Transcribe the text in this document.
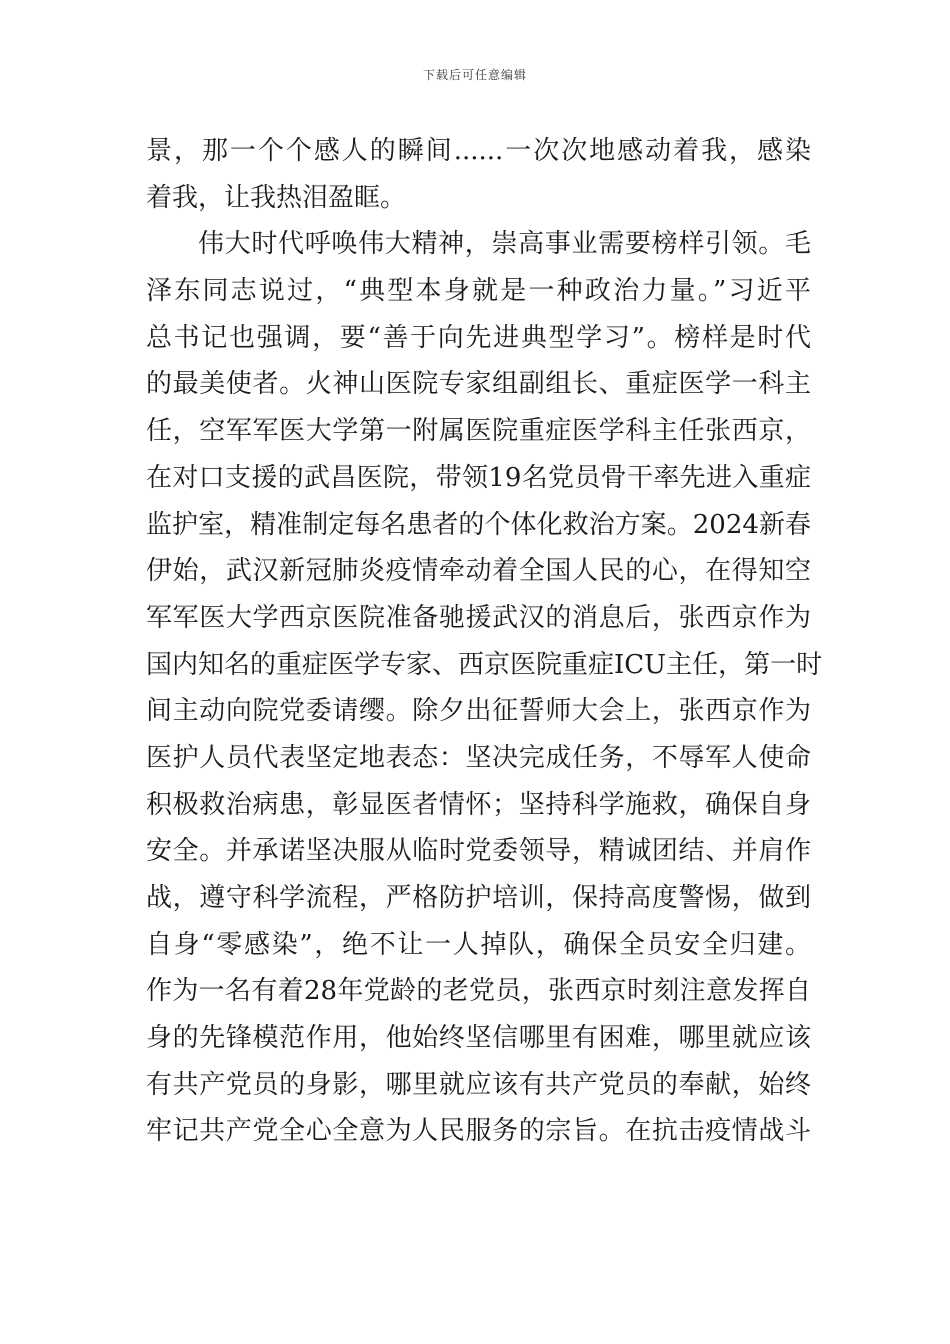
下载后可任意编辑
景，那一个个感人的瞬间......一次次地感动着我，感染
着我，让我热泪盈眶。
伟大时代呼唤伟大精神，崇高事业需要榜样引领。毛
泽东同志说过，“典型本身就是一种政治力量。”习近平
总书记也强调，要“善于向先进典型学习”。榜样是时代
的最美使者。火神山医院专家组副组长、重症医学一科主
任，空军军医大学第一附属医院重症医学科主任张西京，
在对口支援的武昌医院，带领19名党员骨干率先进入重症
监护室，精准制定每名患者的个体化救治方案。2024新春
伊始，武汉新冠肺炎疫情牵动着全国人民的心，在得知空
军军医大学西京医院准备驰援武汉的消息后，张西京作为
国内知名的重症医学专家、西京医院重症ICU主任，第一时
间主动向院党委请缨。除夕出征誓师大会上，张西京作为
医护人员代表坚定地表态：坚决完成任务，不辱军人使命
积极救治病患，彰显医者情怀；坚持科学施救，确保自身
安全。并承诺坚决服从临时党委领导，精诚团结、并肩作
战，遵守科学流程，严格防护培训，保持高度警惕，做到
自身“零感染”，绝不让一人掉队，确保全员安全归建。
作为一名有着28年党龄的老党员，张西京时刻注意发挥自
身的先锋模范作用，他始终坚信哪里有困难，哪里就应该
有共产党员的身影，哪里就应该有共产党员的奉献，始终
牢记共产党全心全意为人民服务的宗旨。在抗击疫情战斗
